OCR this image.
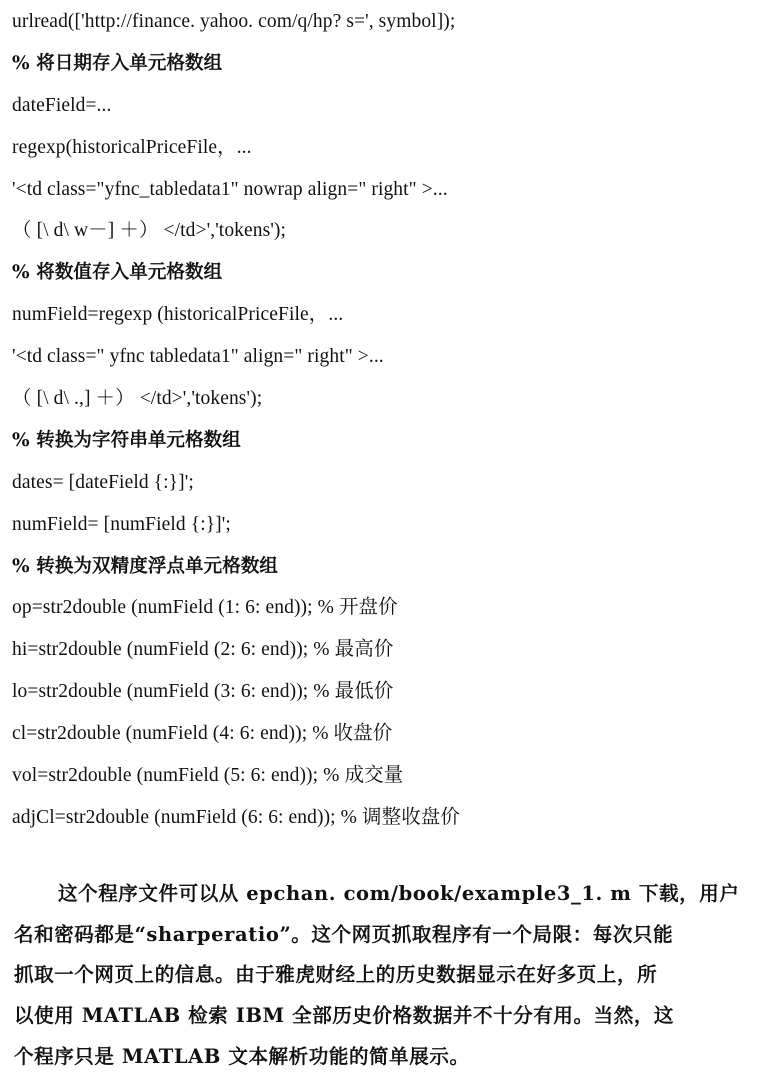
urlread(['http://finance. yahoo. com/q/hp? s=', symbol]);
% 将日期存入单元格数组
dateField=...
regexp(historicalPriceFile，...
'<td class="yfnc_tabledata1" nowrap align=" right" >...
（ [\ d\ w－] ＋） </td>','tokens');
% 将数值存入单元格数组
numField=regexp (historicalPriceFile，...
'<td class=" yfnc tabledata1" align=" right" >...
（ [\ d\ .,] ＋） </td>','tokens');
% 转换为字符串单元格数组
dates= [dateField {:}]';
numField= [numField {:}]';
% 转换为双精度浮点单元格数组
op=str2double (numField (1: 6: end)); % 开盘价
hi=str2double (numField (2: 6: end)); % 最高价
lo=str2double (numField (3: 6: end)); % 最低价
cl=str2double (numField (4: 6: end)); % 收盘价
vol=str2double (numField (5: 6: end)); % 成交量
adjCl=str2double (numField (6: 6: end)); % 调整收盘价
这个程序文件可以从 epchan. com/book/example3_1. m 下载，用户
名和密码都是“sharperatio”。这个网页抓取程序有一个局限：每次只能
抓取一个网页上的信息。由于雅虎财经上的历史数据显示在好多页上，所
以使用 MATLAB 检索 IBM 全部历史价格数据并不十分有用。当然，这
个程序只是 MATLAB 文本解析功能的简单展示。
